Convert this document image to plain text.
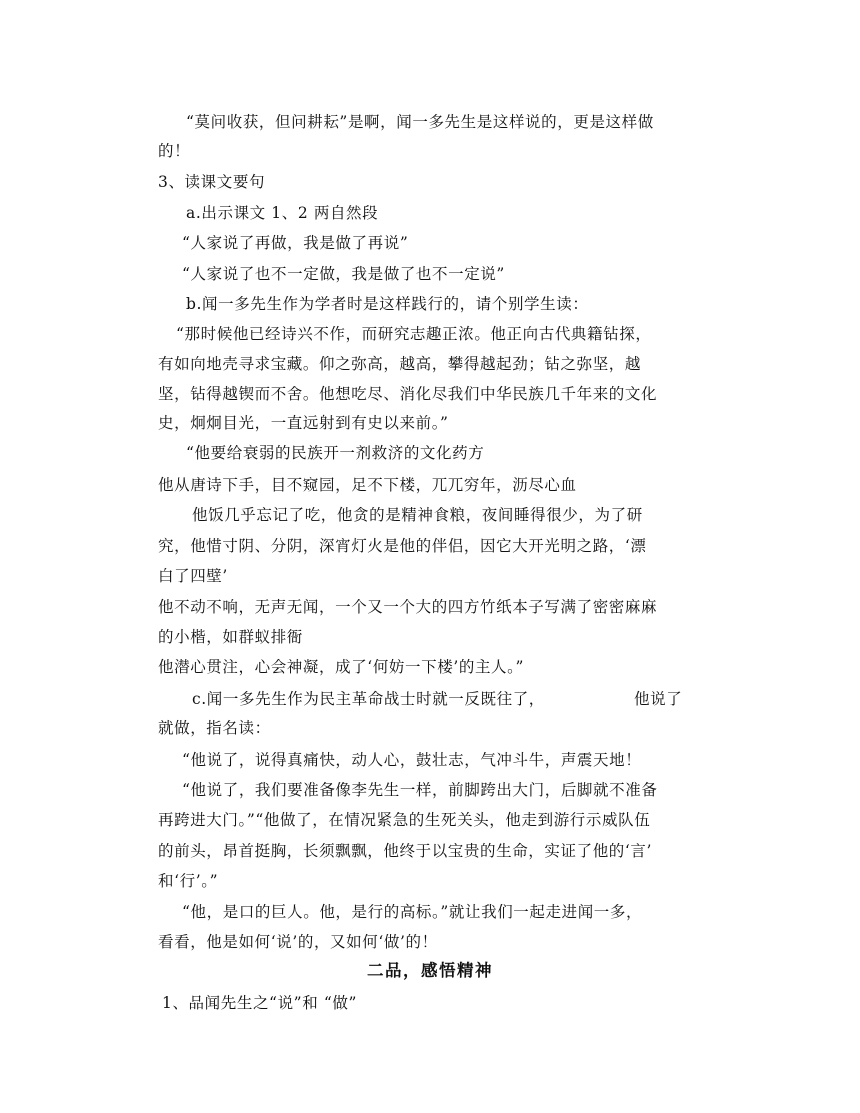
“莫问收获，但问耕耘”是啊，闻一多先生是这样说的，更是这样做
的！
3、读课文要句
a.出示课文 1、2 两自然段
“人家说了再做，我是做了再说”
“人家说了也不一定做，我是做了也不一定说”
b.闻一多先生作为学者时是这样践行的，请个别学生读：
“那时候他已经诗兴不作，而研究志趣正浓。他正向古代典籍钻探，
有如向地壳寻求宝藏。仰之弥高，越高，攀得越起劲；钻之弥坚，越
坚，钻得越锲而不舍。他想吃尽、消化尽我们中华民族几千年来的文化
史，炯炯目光，一直远射到有史以来前。”
“他要给衰弱的民族开一剂救济的文化药方
他从唐诗下手，目不窥园，足不下楼，兀兀穷年，沥尽心血
他饭几乎忘记了吃，他贪的是精神食粮，夜间睡得很少，为了研
究，他惜寸阴、分阴，深宵灯火是他的伴侣，因它大开光明之路，‘漂
白了四壁’
他不动不响，无声无闻，一个又一个大的四方竹纸本子写满了密密麻麻
的小楷，如群蚁排衙
他潜心贯注，心会神凝，成了‘何妨一下楼’的主人。”
c.闻一多先生作为民主革命战士时就一反既往了，	他说了
就做，指名读：
“他说了，说得真痛快，动人心，鼓壮志，气冲斗牛，声震天地！
“他说了，我们要准备像李先生一样，前脚跨出大门，后脚就不准备
再跨进大门。”“他做了，在情况紧急的生死关头，他走到游行示威队伍
的前头，昂首挺胸，长须飘飘，他终于以宝贵的生命，实证了他的‘言’
和‘行’。”
“他，是口的巨人。他，是行的高标。”就让我们一起走进闻一多，
看看，他是如何‘说’的，又如何‘做’的！
二品，感悟精神
1、品闻先生之“说”和 “做”
